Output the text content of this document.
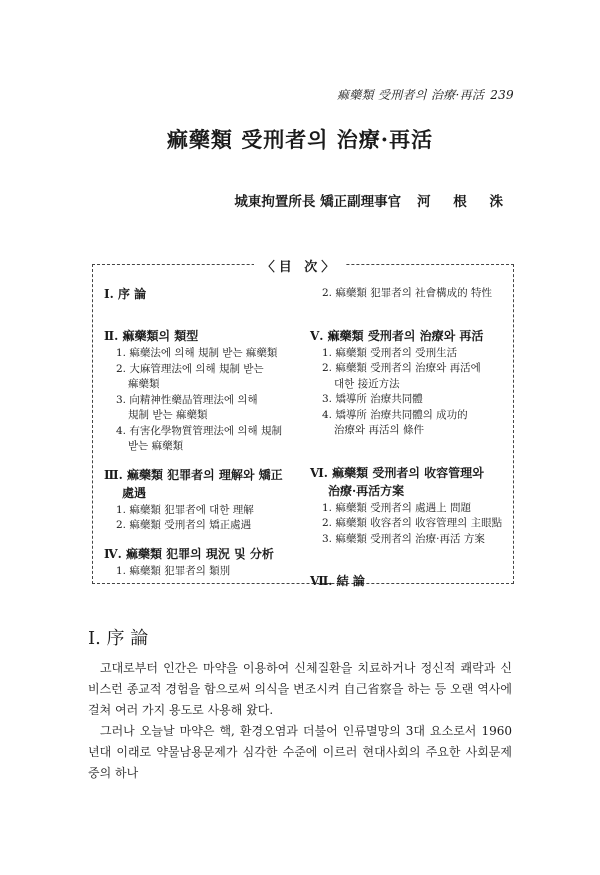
痲藥類 受刑者의 治療·再活 239
痲藥類 受刑者의 治療·再活
城東拘置所長 矯正副理事官 河 根 洙
〈目 次〉
Ⅰ. 序 論
Ⅱ. 痲藥類의 類型
1. 痲藥法에 의해 規制 받는 痲藥類
2. 大麻管理法에 의해 規制 받는
痲藥類
3. 向精神性藥品管理法에 의해
規制 받는 痲藥類
4. 有害化學物質管理法에 의해 規制
받는 痲藥類
Ⅲ. 痲藥類 犯罪者의 理解와 矯正
處遇
1. 痲藥類 犯罪者에 대한 理解
2. 痲藥類 受刑者의 矯正處遇
Ⅳ. 痲藥類 犯罪의 現況 및 分析
1. 痲藥類 犯罪者의 類別
2. 痲藥類 犯罪者의 社會構成的 特性
Ⅴ. 痲藥類 受刑者의 治療와 再活
1. 痲藥類 受刑者의 受刑生活
2. 痲藥類 受刑者의 治療와 再活에
대한 接近方法
3. 矯導所 治療共同體
4. 矯導所 治療共同體의 成功的
治療와 再活의 條件
Ⅵ. 痲藥類 受刑者의 收容管理와
治療·再活方案
1. 痲藥類 受刑者의 處遇上 問題
2. 痲藥類 收容者의 收容管理의 主眼點
3. 痲藥類 受刑者의 治療·再活 方案
Ⅶ. 結 論
Ⅰ. 序 論

고대로부터 인간은 마약을 이용하여 신체질환을 치료하거나 정신적 쾌락과 신비스런 종교적 경험을 함으로써 의식을 변조시켜 自己省察을 하는 등 오랜 역사에 걸쳐 여러 가지 용도로 사용해 왔다.

그러나 오늘날 마약은 핵, 환경오염과 더불어 인류멸망의 3대 요소로서 1960년대 이래로 약물남용문제가 심각한 수준에 이르러 현대사회의 주요한 사회문제중의 하나
